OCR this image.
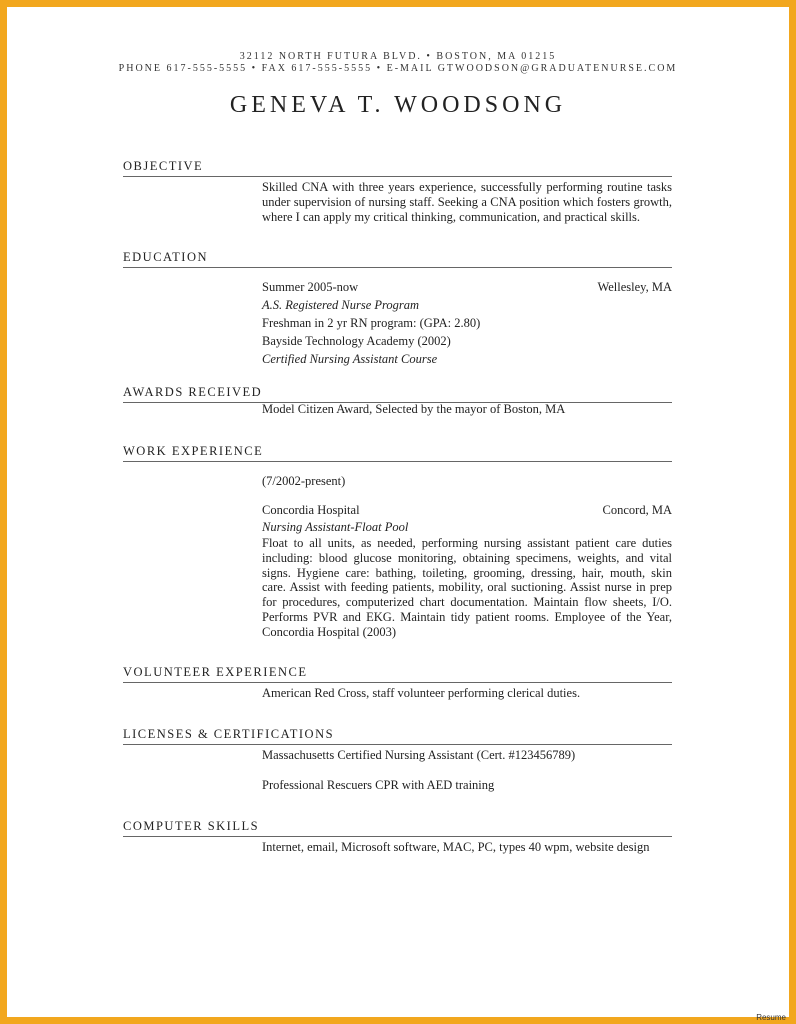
32112 NORTH FUTURA BLVD. • BOSTON, MA 01215
PHONE 617-555-5555 • FAX 617-555-5555 • E-MAIL GTWOODSON@GRADUATENURSE.COM
GENEVA T. WOODSONG
OBJECTIVE
Skilled CNA with three years experience, successfully performing routine tasks under supervision of nursing staff. Seeking a CNA position which fosters growth, where I can apply my critical thinking, communication, and practical skills.
EDUCATION
Summer 2005-now	Wellesley, MA
A.S. Registered Nurse Program
Freshman in 2 yr RN program: (GPA: 2.80)
Bayside Technology Academy (2002)
Certified Nursing Assistant Course
AWARDS RECEIVED
Model Citizen Award, Selected by the mayor of Boston, MA
WORK EXPERIENCE
(7/2002-present)
Concordia Hospital	Concord, MA
Nursing Assistant-Float Pool
Float to all units, as needed, performing nursing assistant patient care duties including: blood glucose monitoring, obtaining specimens, weights, and vital signs. Hygiene care: bathing, toileting, grooming, dressing, hair, mouth, skin care. Assist with feeding patients, mobility, oral suctioning. Assist nurse in prep for procedures, computerized chart documentation. Maintain flow sheets, I/O. Performs PVR and EKG. Maintain tidy patient rooms. Employee of the Year, Concordia Hospital (2003)
VOLUNTEER EXPERIENCE
American Red Cross, staff volunteer performing clerical duties.
LICENSES & CERTIFICATIONS
Massachusetts Certified Nursing Assistant (Cert. #123456789)
Professional Rescuers CPR with AED training
COMPUTER SKILLS
Internet, email, Microsoft software, MAC, PC, types 40 wpm, website design
Resume
